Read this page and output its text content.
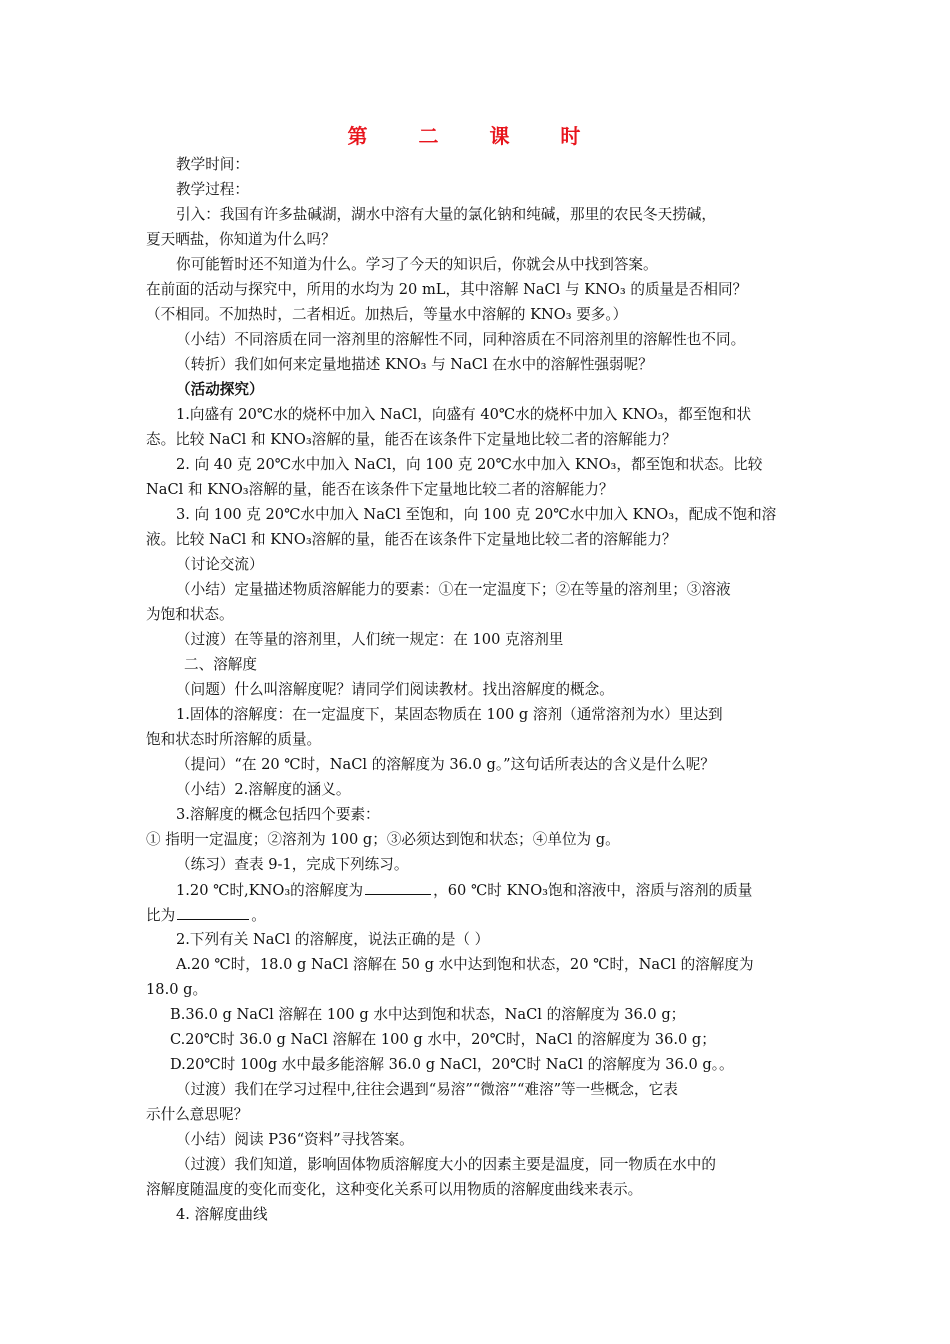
第 二 课 时
教学时间：
教学过程：
引入：我国有许多盐碱湖，湖水中溶有大量的氯化钠和纯碱，那里的农民冬天捞碱，
夏天晒盐，你知道为什么吗？
你可能暂时还不知道为什么。学习了今天的知识后，你就会从中找到答案。
在前面的活动与探究中，所用的水均为 20 mL，其中溶解 NaCl 与 KNO₃ 的质量是否相同？
（不相同。不加热时，二者相近。加热后，等量水中溶解的 KNO₃ 要多。）
（小结）不同溶质在同一溶剂里的溶解性不同，同种溶质在不同溶剂里的溶解性也不同。
（转折）我们如何来定量地描述 KNO₃ 与 NaCl 在水中的溶解性强弱呢？
（活动探究）
1.向盛有 20℃水的烧杯中加入 NaCl，向盛有 40℃水的烧杯中加入 KNO₃，都至饱和状
态。比较 NaCl 和 KNO₃溶解的量，能否在该条件下定量地比较二者的溶解能力？
2. 向 40 克 20℃水中加入 NaCl，向 100 克 20℃水中加入 KNO₃，都至饱和状态。比较
NaCl 和 KNO₃溶解的量，能否在该条件下定量地比较二者的溶解能力？
3. 向 100 克 20℃水中加入 NaCl 至饱和，向 100 克 20℃水中加入 KNO₃，配成不饱和溶
液。比较 NaCl 和 KNO₃溶解的量，能否在该条件下定量地比较二者的溶解能力？
（讨论交流）
（小结）定量描述物质溶解能力的要素：①在一定温度下；②在等量的溶剂里；③溶液
为饱和状态。
（过渡）在等量的溶剂里，人们统一规定：在 100 克溶剂里
二、溶解度
（问题）什么叫溶解度呢？请同学们阅读教材。找出溶解度的概念。
1.固体的溶解度：在一定温度下，某固态物质在 100 g 溶剂（通常溶剂为水）里达到
饱和状态时所溶解的质量。
（提问）“在 20 ℃时，NaCl 的溶解度为 36.0 g。”这句话所表达的含义是什么呢？
（小结）2.溶解度的涵义。
3.溶解度的概念包括四个要素：
① 指明一定温度；②溶剂为 100 g；③必须达到饱和状态；④单位为 g。
（练习）查表 9-1，完成下列练习。
1.20 ℃时,KNO₃的溶解度为	，60 ℃时 KNO₃饱和溶液中，溶质与溶剂的质量
比为	。
2.下列有关 NaCl 的溶解度，说法正确的是（ ）
A.20 ℃时，18.0 g NaCl 溶解在 50 g 水中达到饱和状态，20 ℃时，NaCl 的溶解度为
18.0 g。
B.36.0 g NaCl 溶解在 100 g 水中达到饱和状态，NaCl 的溶解度为 36.0 g；
C.20℃时 36.0 g NaCl 溶解在 100 g 水中，20℃时，NaCl 的溶解度为 36.0 g；
D.20℃时 100g 水中最多能溶解 36.0 g NaCl，20℃时 NaCl 的溶解度为 36.0 g。。
（过渡）我们在学习过程中,往往会遇到“易溶”“微溶”“难溶”等一些概念，它表
示什么意思呢？
（小结）阅读 P36“资料”寻找答案。
（过渡）我们知道，影响固体物质溶解度大小的因素主要是温度，同一物质在水中的
溶解度随温度的变化而变化，这种变化关系可以用物质的溶解度曲线来表示。
4. 溶解度曲线
